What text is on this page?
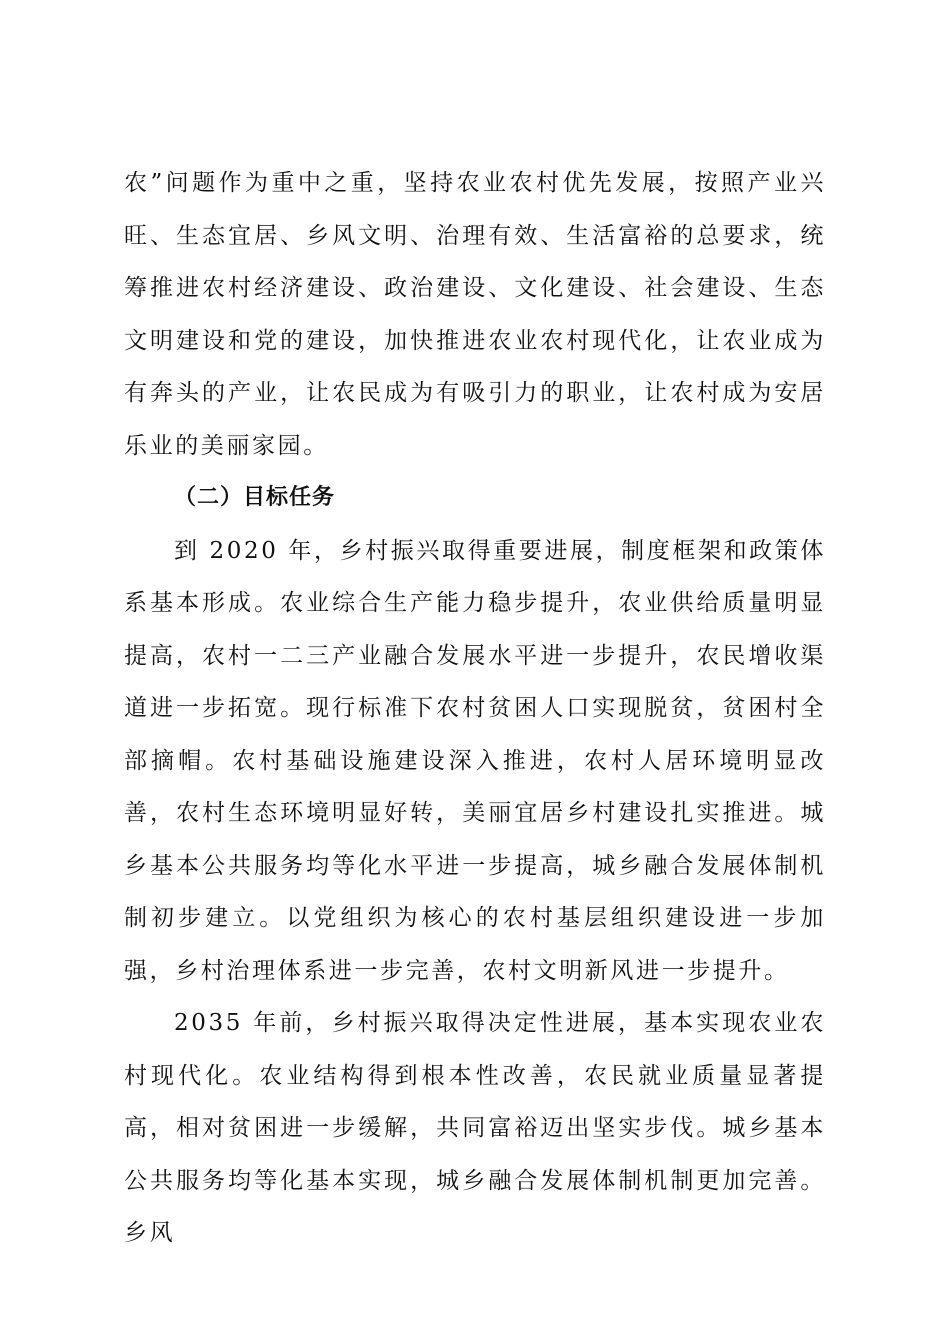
农”问题作为重中之重，坚持农业农村优先发展，按照产业兴旺、生态宜居、乡风文明、治理有效、生活富裕的总要求，统筹推进农村经济建设、政治建设、文化建设、社会建设、生态文明建设和党的建设，加快推进农业农村现代化，让农业成为有奔头的产业，让农民成为有吸引力的职业，让农村成为安居乐业的美丽家园。

（二）目标任务

到 2020 年，乡村振兴取得重要进展，制度框架和政策体系基本形成。农业综合生产能力稳步提升，农业供给质量明显提高，农村一二三产业融合发展水平进一步提升，农民增收渠道进一步拓宽。现行标准下农村贫困人口实现脱贫，贫困村全部摘帽。农村基础设施建设深入推进，农村人居环境明显改善，农村生态环境明显好转，美丽宜居乡村建设扎实推进。城乡基本公共服务均等化水平进一步提高，城乡融合发展体制机制初步建立。以党组织为核心的农村基层组织建设进一步加强，乡村治理体系进一步完善，农村文明新风进一步提升。

2035 年前，乡村振兴取得决定性进展，基本实现农业农村现代化。农业结构得到根本性改善，农民就业质量显著提高，相对贫困进一步缓解，共同富裕迈出坚实步伐。城乡基本公共服务均等化基本实现，城乡融合发展体制机制更加完善。乡风
